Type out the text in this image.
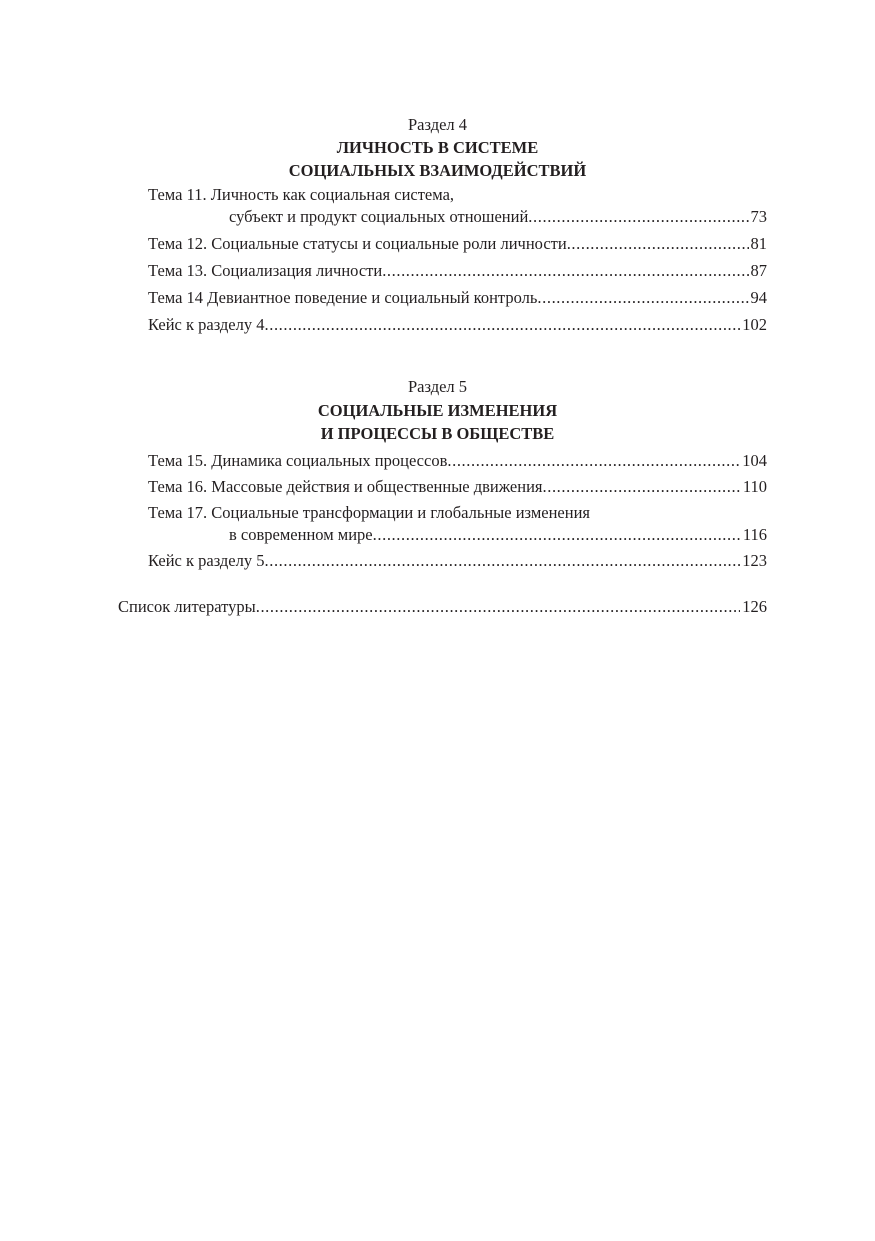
Раздел 4
ЛИЧНОСТЬ В СИСТЕМЕ
СОЦИАЛЬНЫХ ВЗАИМОДЕЙСТВИЙ
Тема 11. Личность как социальная система,
субъект и продукт социальных отношений .....	73
Тема 12. Социальные статусы и социальные роли личности .....	81
Тема 13. Социализация личности .....	87
Тема 14 Девиантное поведение и социальный контроль .....	94
Кейс к разделу 4 .....	102
Раздел 5
СОЦИАЛЬНЫЕ ИЗМЕНЕНИЯ
И ПРОЦЕССЫ В ОБЩЕСТВЕ
Тема 15. Динамика социальных процессов .....	104
Тема 16. Массовые действия и общественные движения .....	110
Тема 17. Социальные трансформации и глобальные изменения
в современном мире .....	116
Кейс к разделу 5 .....	123
Список литературы .....	126
